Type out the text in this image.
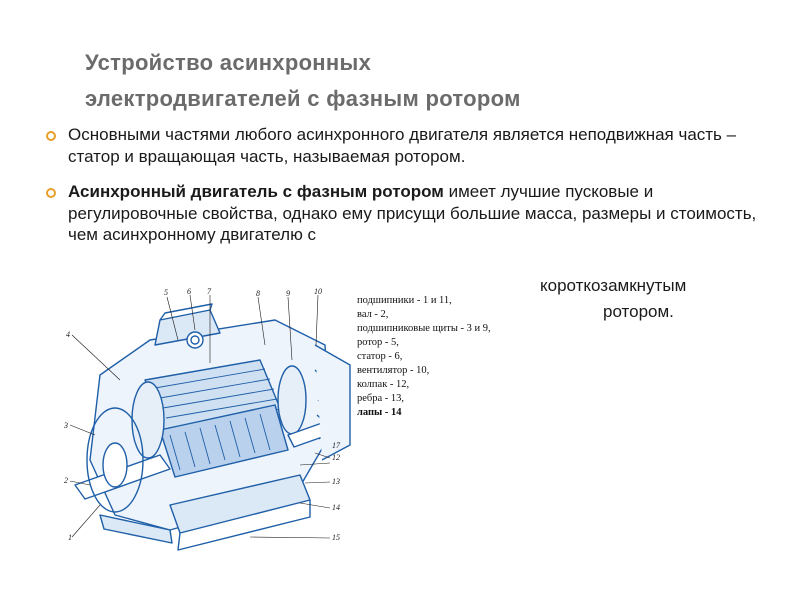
Устройство асинхронных
электродвигателей с фазным ротором
Основными частями любого асинхронного двигателя является неподвижная часть – статор и вращающая часть, называемая ротором.
Асинхронный двигатель с фазным ротором имеет лучшие пусковые и регулировочные свойства, однако ему присущи большие масса, размеры и стоимость, чем асинхронному двигателю с
короткозамкнутым
ротором.
1
2
3
4
5 6 7	8	9	10
12
13
14
15
17
подшипники - 1 и 11,
вал - 2,
подшипниковые щиты - 3 и 9,
ротор - 5,
статор - 6,
вентилятор - 10,
колпак - 12,
ребра - 13,
лапы - 14
